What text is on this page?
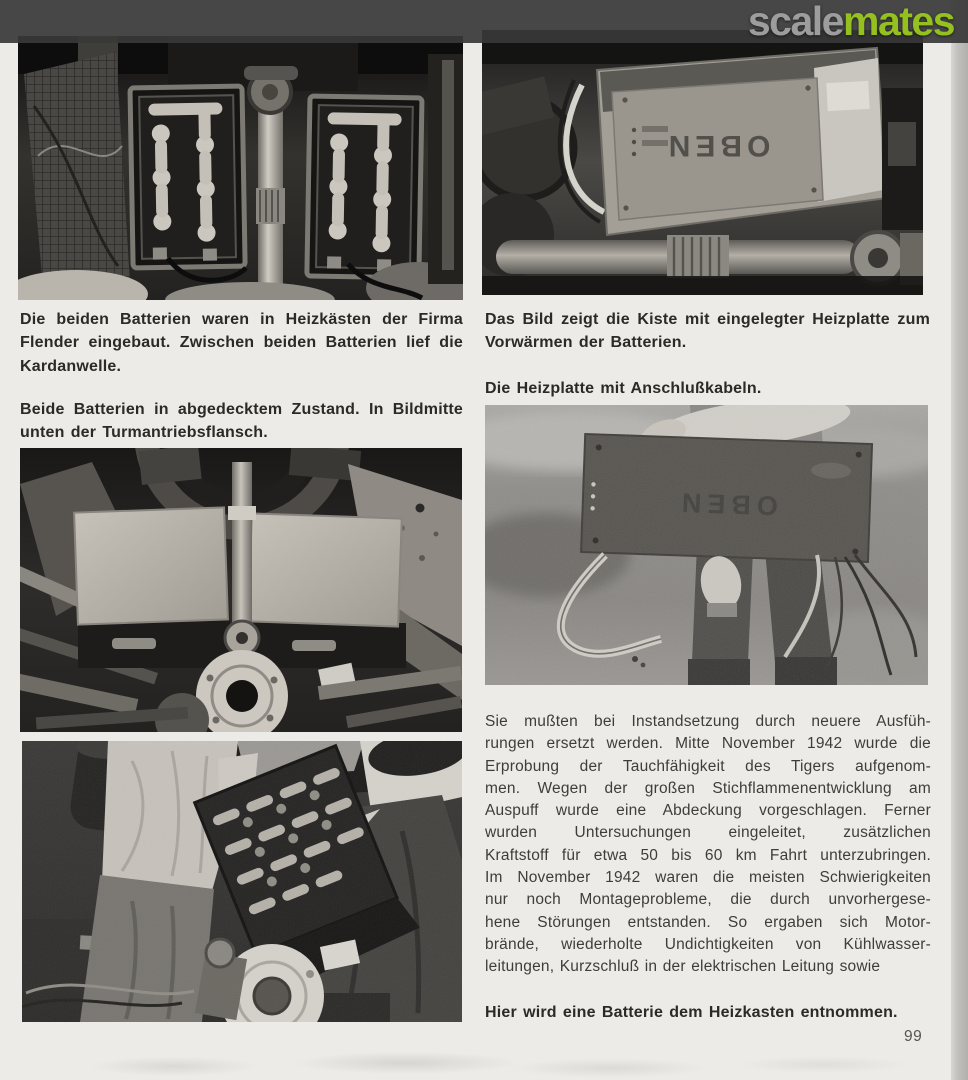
OBEN
OBEN
Die beiden Batterien waren in Heizkästen der Firma
Flender eingebaut. Zwischen beiden Batterien lief die
Kardanwelle.
Beide Batterien in abgedecktem Zustand. In Bildmitte
unten der Turmantriebsflansch.
Das Bild zeigt die Kiste mit eingelegter Heizplatte zum
Vorwärmen der Batterien.
Die Heizplatte mit Anschlußkabeln.
Sie mußten bei Instandsetzung durch neuere Ausfüh-
rungen ersetzt werden. Mitte November 1942 wurde die
Erprobung der Tauchfähigkeit des Tigers aufgenom-
men. Wegen der großen Stichflammenentwicklung am
Auspuff wurde eine Abdeckung vorgeschlagen. Ferner
wurden Untersuchungen eingeleitet, zusätzlichen
Kraftstoff für etwa 50 bis 60 km Fahrt unterzubringen.
Im November 1942 waren die meisten Schwierigkeiten
nur noch Montageprobleme, die durch unvorhergese-
hene Störungen entstanden. So ergaben sich Motor-
brände, wiederholte Undichtigkeiten von Kühlwasser-
leitungen, Kurzschluß in der elektrischen Leitung sowie
Hier wird eine Batterie dem Heizkasten entnommen.
99
scalemates
